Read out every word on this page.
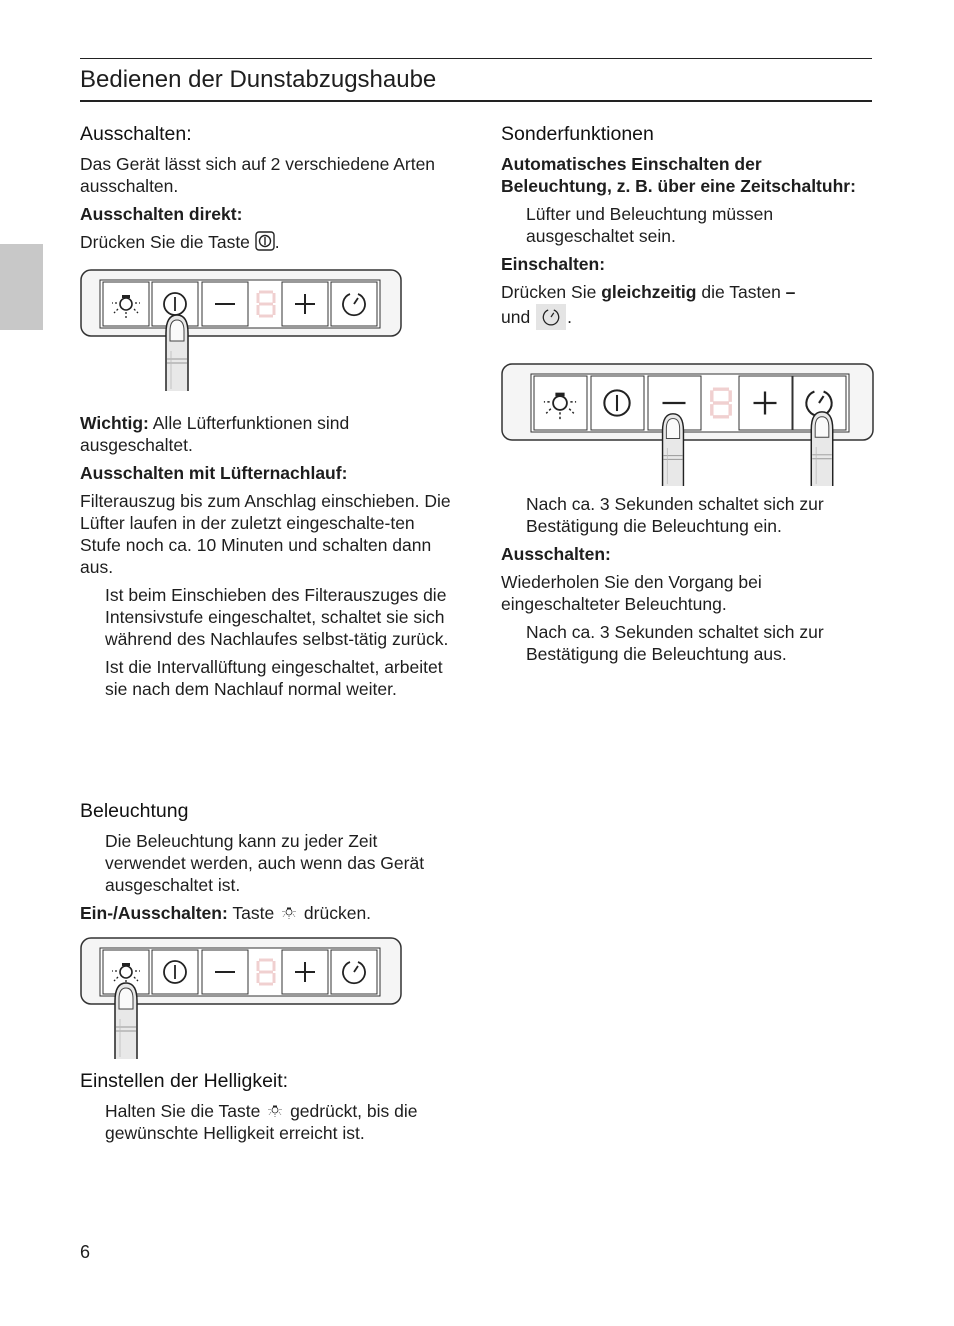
Bedienen der Dunstabzugshaube
Ausschalten:

Das Gerät lässt sich auf 2 verschiedene Arten ausschalten.

Ausschalten direkt:

Drücken Sie die Taste .

Wichtig: Alle Lüfterfunktionen sind ausgeschaltet.

Ausschalten mit Lüfternachlauf:

Filterauszug bis zum Anschlag einschieben. Die Lüfter laufen in der zuletzt eingeschalte-ten Stufe noch ca. 10 Minuten und schalten dann aus.

Ist beim Einschieben des Filterauszuges die Intensivstufe eingeschaltet, schaltet sie sich während des Nachlaufes selbst-tätig zurück.

Ist die Intervallüftung eingeschaltet, arbeitet sie nach dem Nachlauf normal weiter.

Beleuchtung

Die Beleuchtung kann zu jeder Zeit verwendet werden, auch wenn das Gerät ausgeschaltet ist.

Ein-/Ausschalten: Taste  drücken.

Einstellen der Helligkeit:

Halten Sie die Taste  gedrückt, bis die gewünschte Helligkeit erreicht ist.

Sonderfunktionen

Automatisches Einschalten der Beleuchtung, z. B. über eine Zeitschaltuhr:

Lüfter und Beleuchtung müssen ausgeschaltet sein.

Einschalten:

Drücken Sie gleichzeitig die Tasten –
und .

Nach ca. 3 Sekunden schaltet sich zur Bestätigung die Beleuchtung ein.

Ausschalten:

Wiederholen Sie den Vorgang bei eingeschalteter Beleuchtung.

Nach ca. 3 Sekunden schaltet sich zur Bestätigung die Beleuchtung aus.

6
